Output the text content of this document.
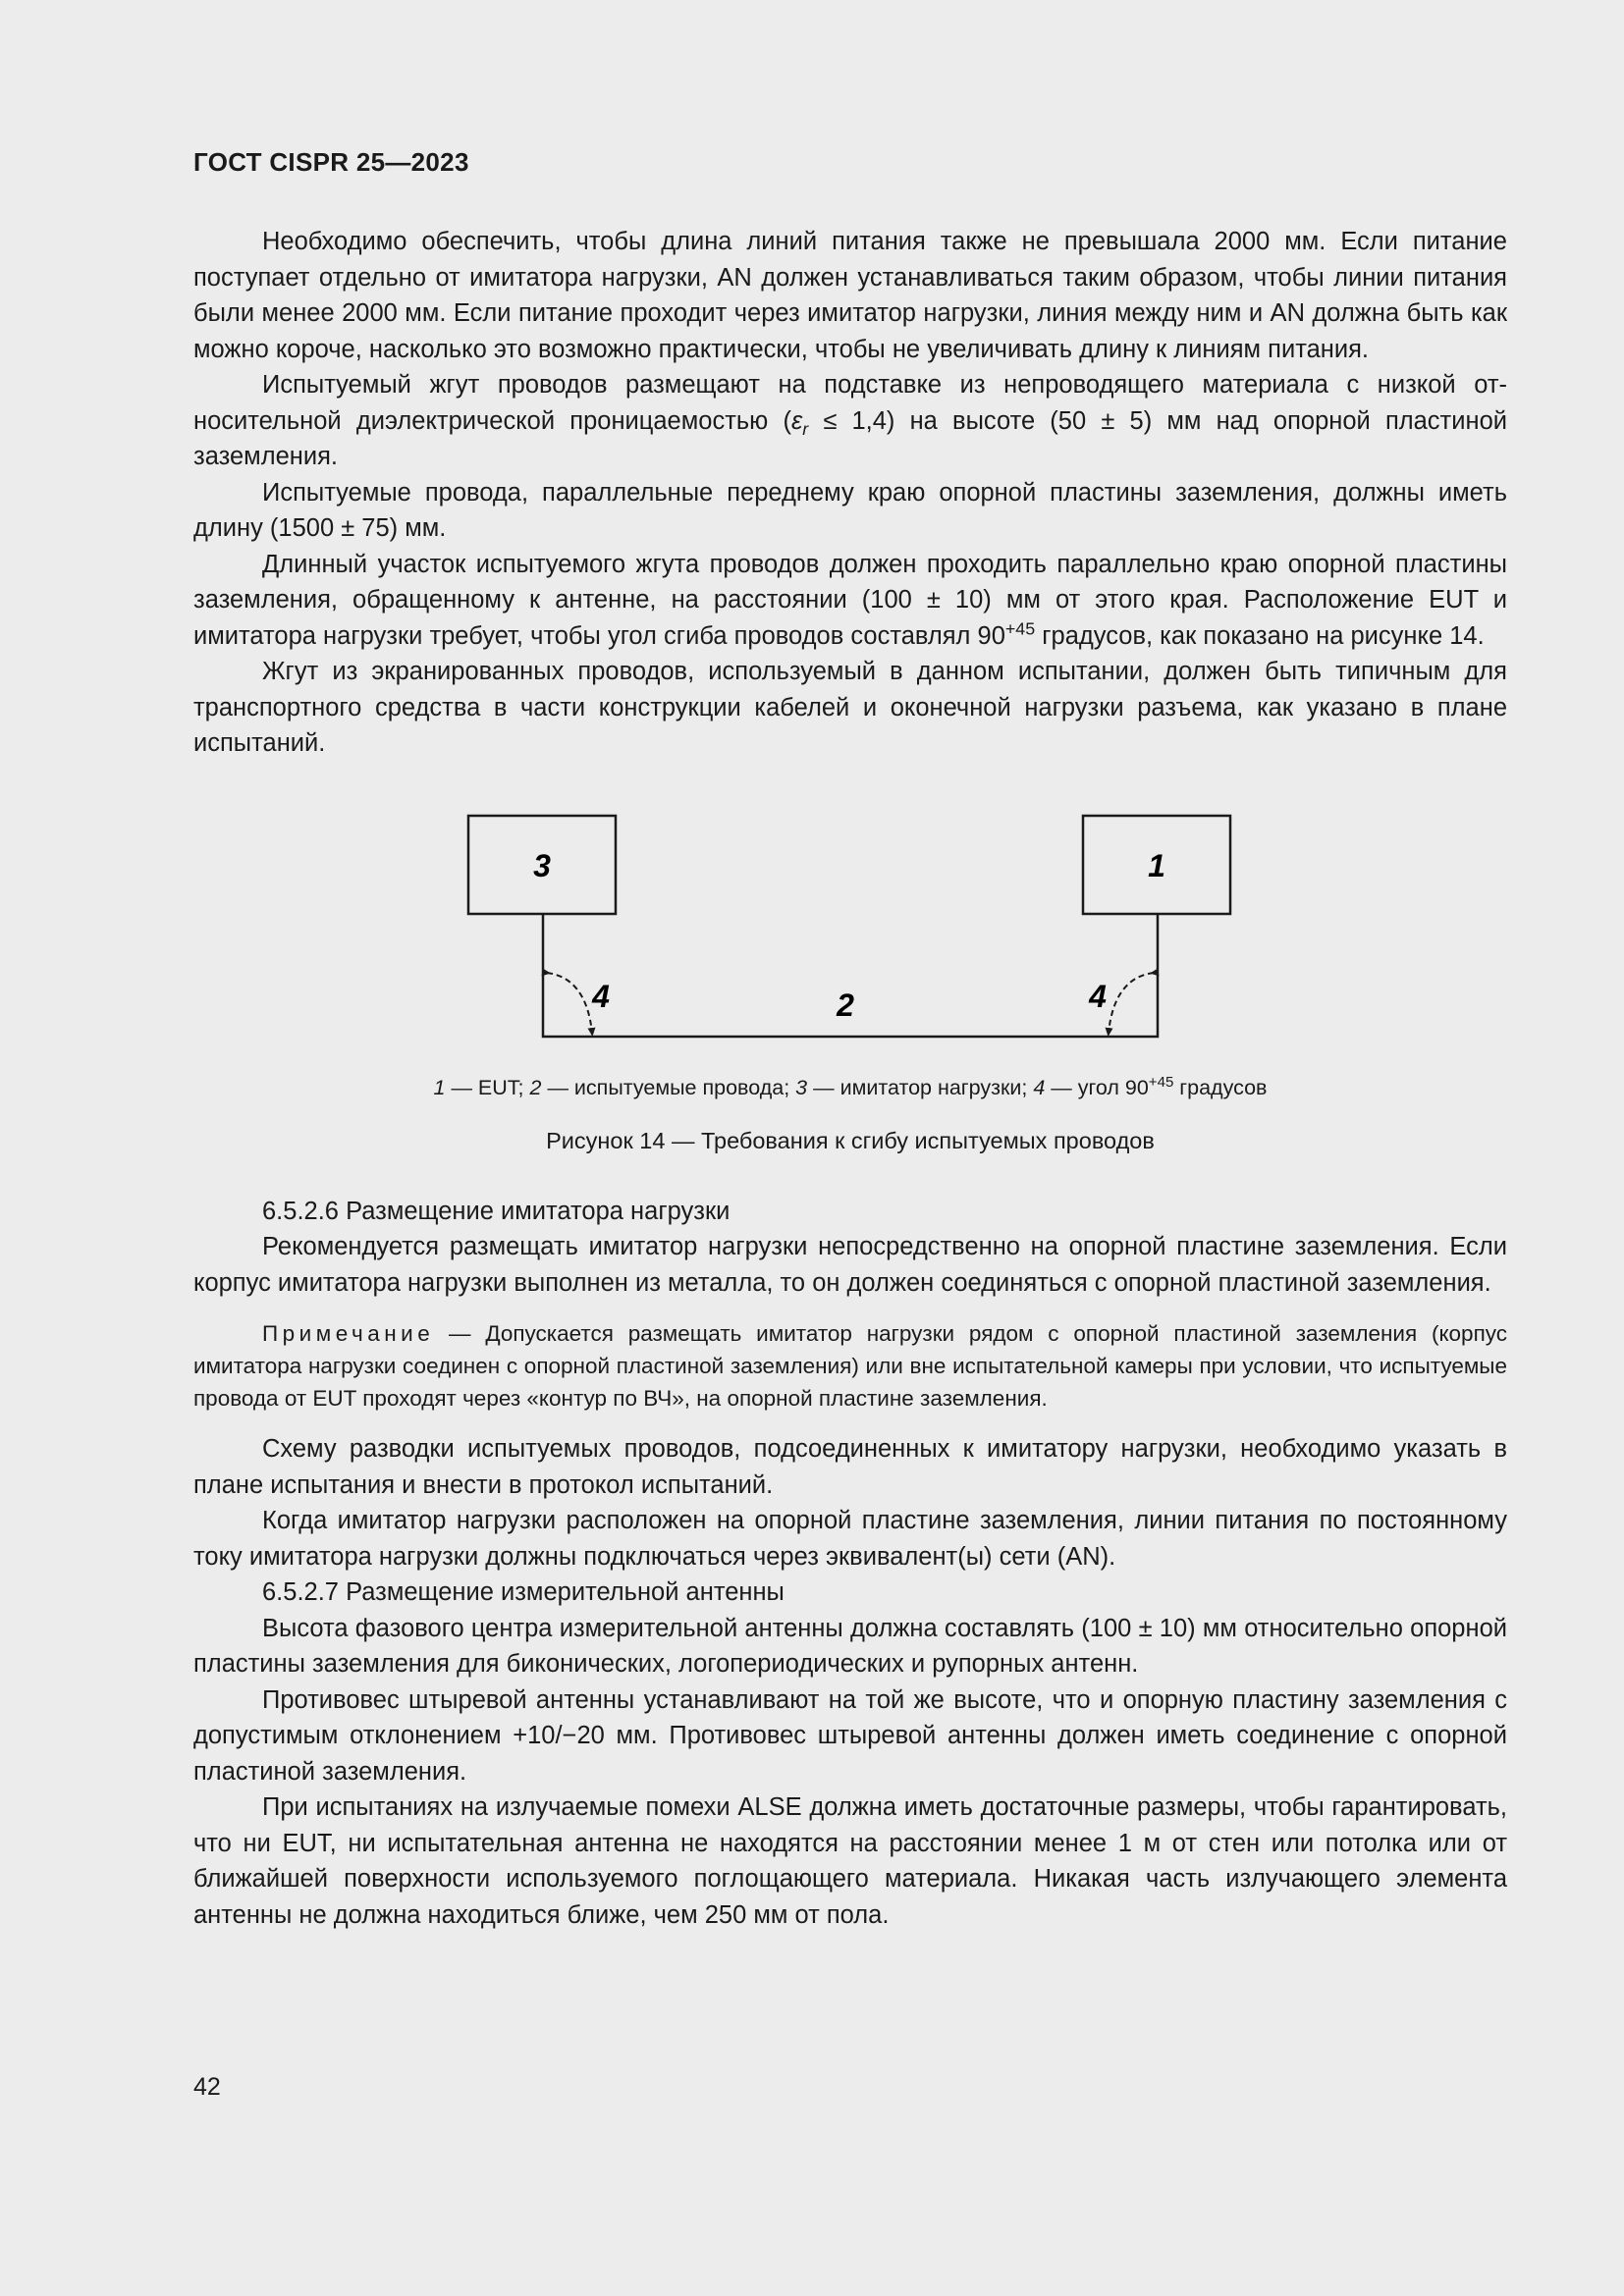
ГОСТ CISPR 25—2023

Необходимо обеспечить, чтобы длина линий питания также не превышала 2000 мм. Если питание поступает отдельно от имитатора нагрузки, AN должен устанавливаться таким образом, чтобы линии питания были менее 2000 мм. Если питание проходит через имитатор нагрузки, линия между ним и AN должна быть как можно короче, насколько это возможно практически, чтобы не увеличивать длину к линиям питания.

Испытуемый жгут проводов размещают на подставке из непроводящего материала с низкой относительной диэлектрической проницаемостью $(\varepsilon_r \le 1,4)$ на высоте (50 ± 5) мм над опорной пластиной заземления.

Испытуемые провода, параллельные переднему краю опорной пластины заземления, должны иметь длину (1500 ± 75) мм.

Длинный участок испытуемого жгута проводов должен проходить параллельно краю опорной пластины заземления, обращенному к антенне, на расстоянии (100 ± 10) мм от этого края. Расположение EUT и имитатора нагрузки требует, чтобы угол сгиба проводов составлял $90^{+45}$ градусов, как показано на рисунке 14.

Жгут из экранированных проводов, используемый в данном испытании, должен быть типичным для транспортного средства в части конструкции кабелей и оконечной нагрузки разъема, как указано в плане испытаний.

3	1
2
4	4
1 — EUT; 2 — испытуемые провода; 3 — имитатор нагрузки; 4 — угол $90^{+45}$ градусов
Рисунок 14 — Требования к сгибу испытуемых проводов

6.5.2.6 Размещение имитатора нагрузки

Рекомендуется размещать имитатор нагрузки непосредственно на опорной пластине заземления. Если корпус имитатора нагрузки выполнен из металла, то он должен соединяться с опорной пластиной заземления.

Примечание — Допускается размещать имитатор нагрузки рядом с опорной пластиной заземления (корпус имитатора нагрузки соединен с опорной пластиной заземления) или вне испытательной камеры при условии, что испытуемые провода от EUT проходят через «контур по ВЧ», на опорной пластине заземления.

Схему разводки испытуемых проводов, подсоединенных к имитатору нагрузки, необходимо указать в плане испытания и внести в протокол испытаний.

Когда имитатор нагрузки расположен на опорной пластине заземления, линии питания по постоянному току имитатора нагрузки должны подключаться через эквивалент(ы) сети (AN).

6.5.2.7 Размещение измерительной антенны

Высота фазового центра измерительной антенны должна составлять (100 ± 10) мм относительно опорной пластины заземления для биконических, логопериодических и рупорных антенн.

Противовес штыревой антенны устанавливают на той же высоте, что и опорную пластину заземления с допустимым отклонением +10/−20 мм. Противовес штыревой антенны должен иметь соединение с опорной пластиной заземления.

При испытаниях на излучаемые помехи ALSE должна иметь достаточные размеры, чтобы гарантировать, что ни EUT, ни испытательная антенна не находятся на расстоянии менее 1 м от стен или потолка или от ближайшей поверхности используемого поглощающего материала. Никакая часть излучающего элемента антенны не должна находиться ближе, чем 250 мм от пола.

42
